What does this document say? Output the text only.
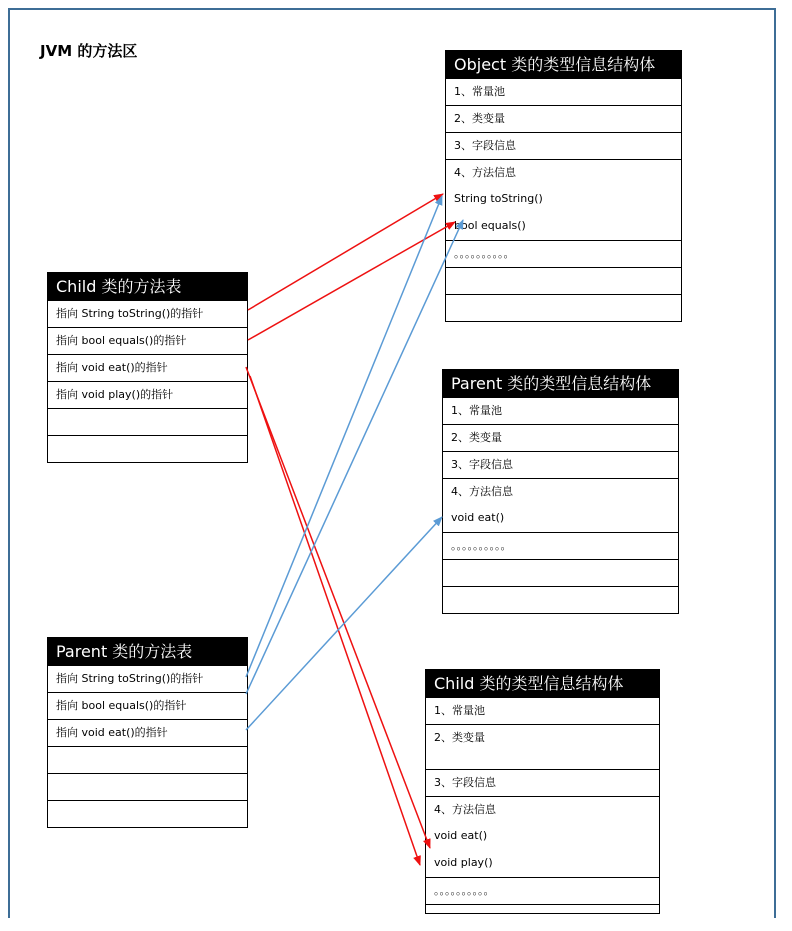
JVM 的方法区
Object 类的类型信息结构体
1、常量池
2、类变量
3、字段信息
4、方法信息
String toString()
bool equals()
。。。。。。。。。。
Parent 类的类型信息结构体
1、常量池
2、类变量
3、字段信息
4、方法信息
void eat()
。。。。。。。。。。
Child 类的类型信息结构体
1、常量池
2、类变量
3、字段信息
4、方法信息
void eat()
void play()
。。。。。。。。。。
Child 类的方法表
指向 String toString()的指针
指向 bool equals()的指针
指向 void eat()的指针
指向 void play()的指针
Parent 类的方法表
指向 String toString()的指针
指向 bool equals()的指针
指向 void eat()的指针
